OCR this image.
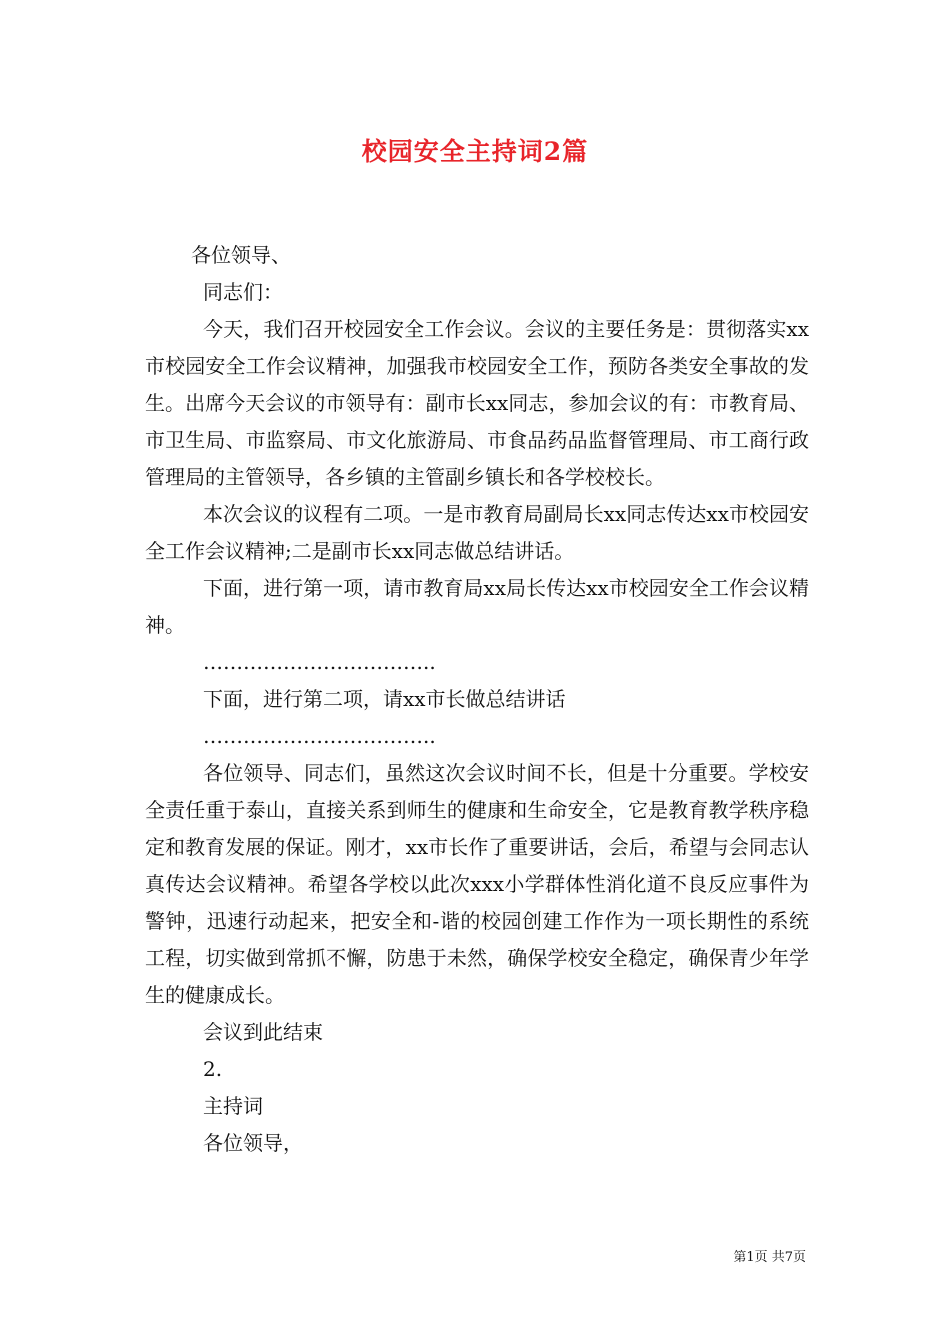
校园安全主持词2篇

各位领导、

同志们：

今天，我们召开校园安全工作会议。会议的主要任务是：贯彻落实xx市校园安全工作会议精神，加强我市校园安全工作，预防各类安全事故的发生。出席今天会议的市领导有：副市长xx同志，参加会议的有：市教育局、市卫生局、市监察局、市文化旅游局、市食品药品监督管理局、市工商行政管理局的主管领导，各乡镇的主管副乡镇长和各学校校长。

本次会议的议程有二项。一是市教育局副局长xx同志传达xx市校园安全工作会议精神;二是副市长xx同志做总结讲话。

下面，进行第一项，请市教育局xx局长传达xx市校园安全工作会议精神。

……………………………..

下面，进行第二项，请xx市长做总结讲话

……………………………..

各位领导、同志们，虽然这次会议时间不长，但是十分重要。学校安全责任重于泰山，直接关系到师生的健康和生命安全，它是教育教学秩序稳定和教育发展的保证。刚才，xx市长作了重要讲话，会后，希望与会同志认真传达会议精神。希望各学校以此次xxx小学群体性消化道不良反应事件为警钟，迅速行动起来，把安全和-谐的校园创建工作作为一项长期性的系统工程，切实做到常抓不懈，防患于未然，确保学校安全稳定，确保青少年学生的健康成长。

会议到此结束

2.

主持词

各位领导，

第1页 共7页
